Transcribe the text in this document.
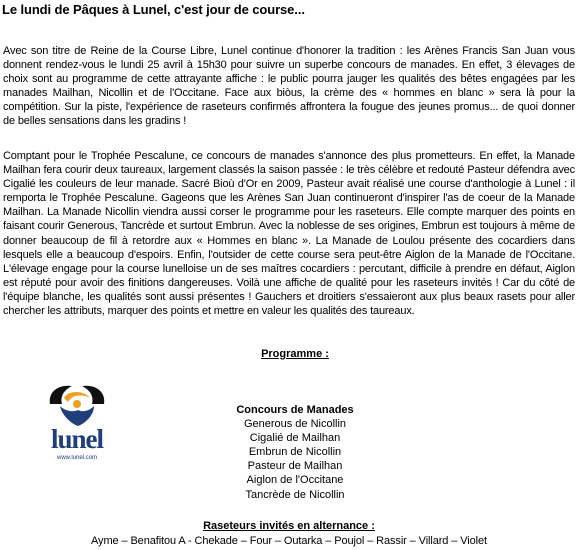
Le lundi de Pâques à Lunel, c'est jour de course...

Avec son titre de Reine de la Course Libre, Lunel continue d'honorer la tradition : les Arènes Francis San Juan vous donnent rendez-vous le lundi 25 avril à 15h30 pour suivre un superbe concours de manades. En effet, 3 élevages de choix sont au programme de cette attrayante affiche : le public pourra jauger les qualités des bêtes engagées par les manades Mailhan, Nicollin et de l'Occitane. Face aux biòus, la crème des « hommes en blanc » sera là pour la compétition. Sur la piste, l'expérience de raseteurs confirmés affrontera la fougue des jeunes promus... de quoi donner de belles sensations dans les gradins !

Comptant pour le Trophée Pescalune, ce concours de manades s'annonce des plus prometteurs. En effet, la Manade Mailhan fera courir deux taureaux, largement classés la saison passée : le très célèbre et redouté Pasteur défendra avec Cigalié les couleurs de leur manade. Sacré Bioù d'Or en 2009, Pasteur avait réalisé une course d'anthologie à Lunel : il remporta le Trophée Pescalune. Gageons que les Arènes San Juan continueront d'inspirer l'as de coeur de la Manade Mailhan. La Manade Nicollin viendra aussi corser le programme pour les raseteurs. Elle compte marquer des points en faisant courir Generous, Tancrède et surtout Embrun. Avec la noblesse de ses origines, Embrun est toujours à même de donner beaucoup de fil à retordre aux « Hommes en blanc ». La Manade de Loulou présente des cocardiers dans lesquels elle a beaucoup d'espoirs. Enfin, l'outsider de cette course sera peut-être Aiglon de la Manade de l'Occitane. L'élevage engage pour la course lunelloise un de ses maîtres cocardiers : percutant, difficile à prendre en défaut, Aiglon est réputé pour avoir des finitions dangereuses. Voilà une affiche de qualité pour les raseteurs invités ! Car du côté de l'équipe blanche, les qualités sont aussi présentes ! Gauchers et droitiers s'essaieront aux plus beaux rasets pour aller chercher les attributs, marquer des points et mettre en valeur les qualités des taureaux.

lunel
www.lunel.com
Programme :
Concours de Manades
Generous de Nicollin
Cigalié de Mailhan
Embrun de Nicollin
Pasteur de Mailhan
Aiglon de l'Occitane
Tancrède de Nicollin
Raseteurs invités en alternance :
Ayme – Benafitou A - Chekade – Four – Outarka – Poujol – Rassir – Villard – Violet
